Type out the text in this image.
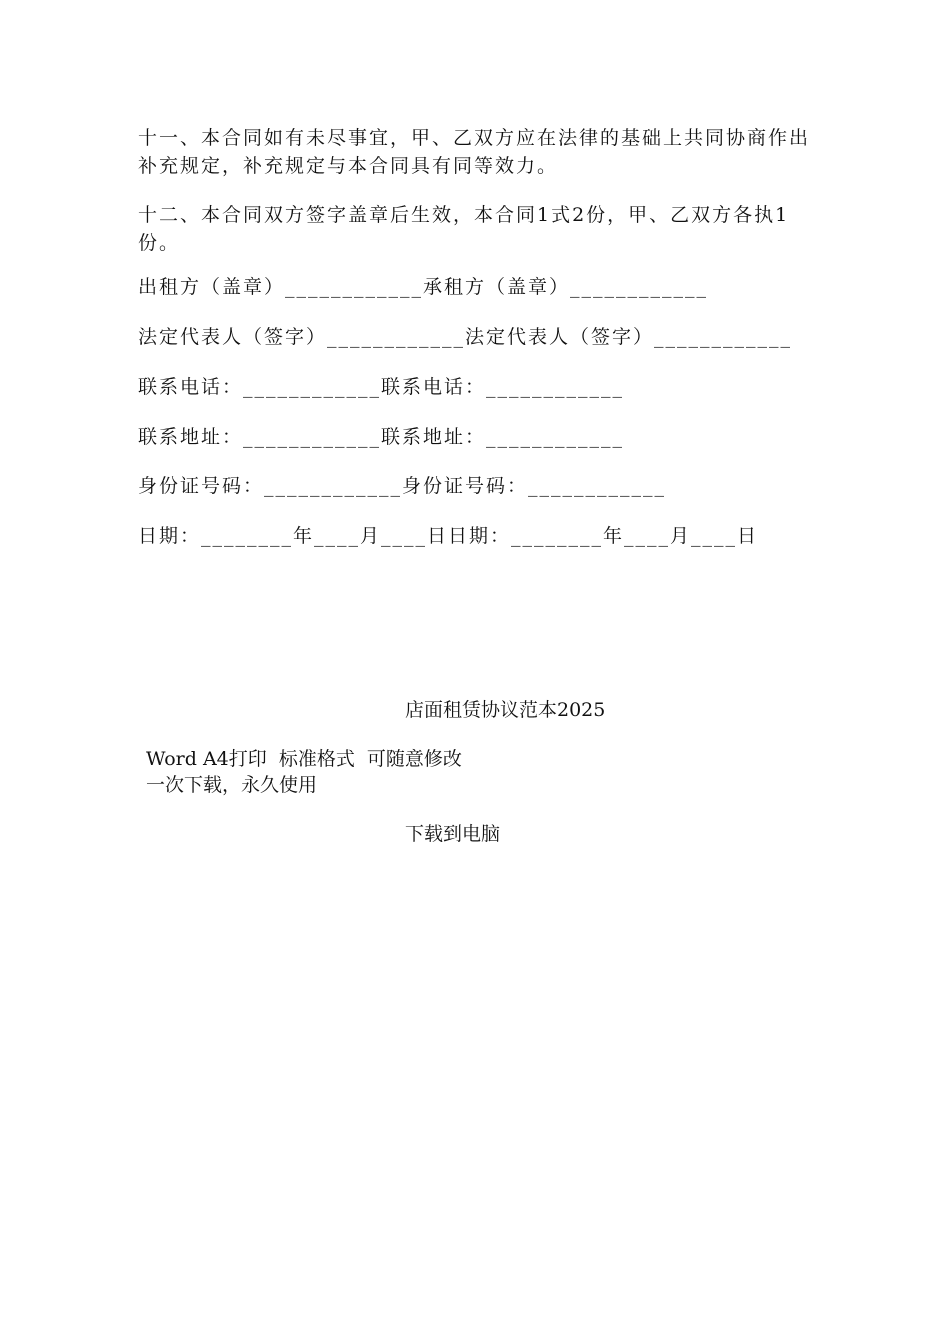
十一、本合同如有未尽事宜，甲、乙双方应在法律的基础上共同协商作出补充规定，补充规定与本合同具有同等效力。

十二、本合同双方签字盖章后生效，本合同1式2份，甲、乙双方各执1份。

出租方（盖章）____________承租方（盖章）____________

法定代表人（签字）____________法定代表人（签字）____________

联系电话：____________联系电话：____________

联系地址：____________联系地址：____________

身份证号码：____________身份证号码：____________

日期：________年____月____日日期：________年____月____日

店面租赁协议范本2025
Word A4打印  标准格式  可随意修改
一次下载，永久使用
下载到电脑
